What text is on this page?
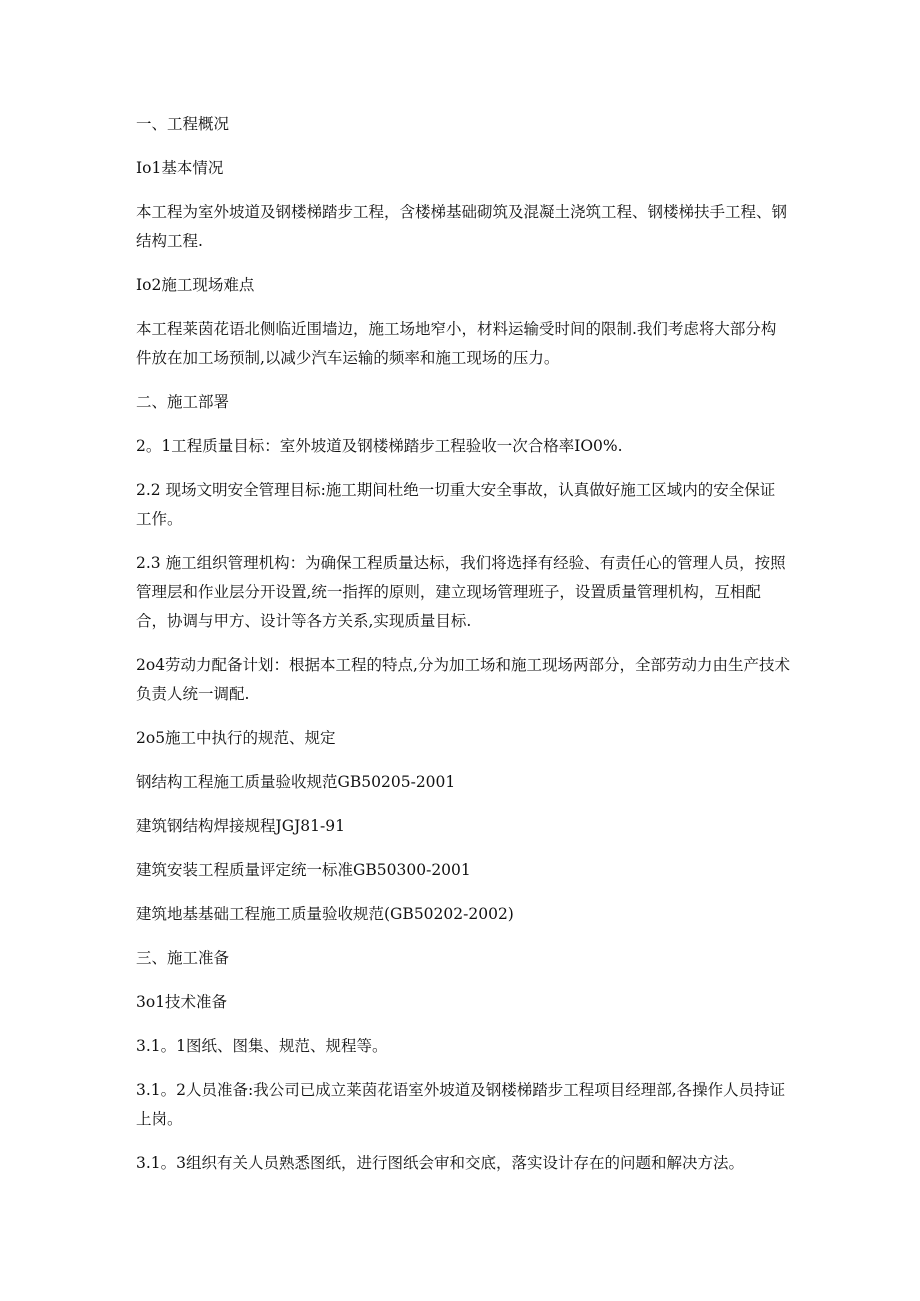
一、工程概况

Io1基本情况

本工程为室外坡道及钢楼梯踏步工程，含楼梯基础砌筑及混凝土浇筑工程、钢楼梯扶手工程、钢结构工程.

Io2施工现场难点

本工程莱茵花语北侧临近围墙边，施工场地窄小，材料运输受时间的限制.我们考虑将大部分构件放在加工场预制,以减少汽车运输的频率和施工现场的压力。

二、施工部署

2。1工程质量目标：室外坡道及钢楼梯踏步工程验收一次合格率IO0%.

2.2 现场文明安全管理目标:施工期间杜绝一切重大安全事故，认真做好施工区域内的安全保证工作。

2.3 施工组织管理机构：为确保工程质量达标，我们将选择有经验、有责任心的管理人员，按照管理层和作业层分开设置,统一指挥的原则，建立现场管理班子，设置质量管理机构，互相配合，协调与甲方、设计等各方关系,实现质量目标.

2o4劳动力配备计划：根据本工程的特点,分为加工场和施工现场两部分，全部劳动力由生产技术负责人统一调配.

2o5施工中执行的规范、规定

钢结构工程施工质量验收规范GB50205-2001

建筑钢结构焊接规程JGJ81-91

建筑安装工程质量评定统一标准GB50300-2001

建筑地基基础工程施工质量验收规范(GB50202-2002)

三、施工准备

3o1技术准备

3.1。1图纸、图集、规范、规程等。

3.1。2人员准备:我公司已成立莱茵花语室外坡道及钢楼梯踏步工程项目经理部,各操作人员持证上岗。

3.1。3组织有关人员熟悉图纸，进行图纸会审和交底，落实设计存在的问题和解决方法。
